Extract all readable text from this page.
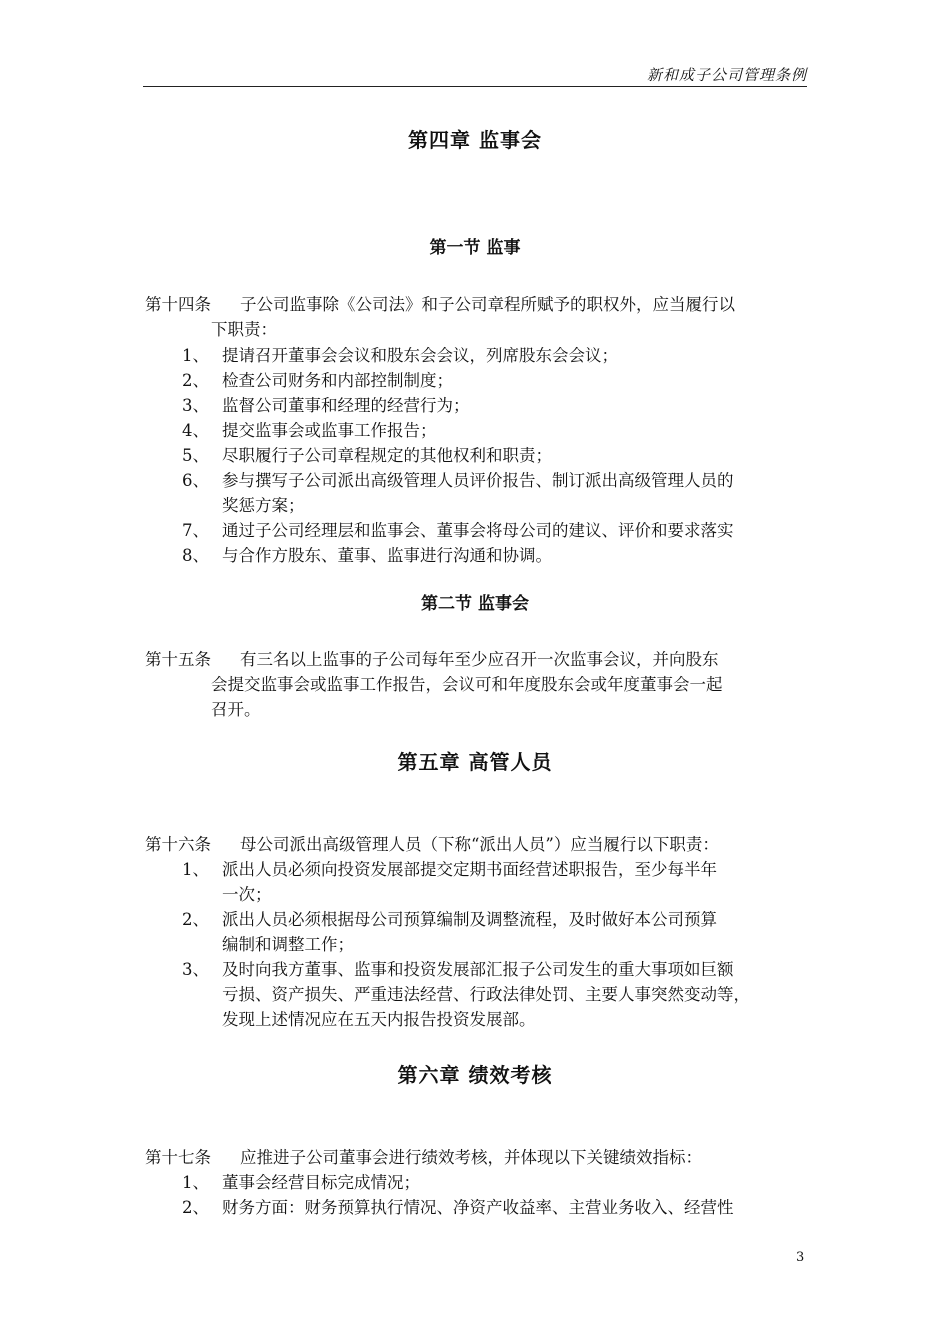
新和成子公司管理条例
第四章 监事会
第一节 监事
第十四条 子公司监事除《公司法》和子公司章程所赋予的职权外，应当履行以
下职责：
1、 提请召开董事会会议和股东会会议，列席股东会会议；
2、 检查公司财务和内部控制制度；
3、 监督公司董事和经理的经营行为；
4、 提交监事会或监事工作报告；
5、 尽职履行子公司章程规定的其他权利和职责；
6、 参与撰写子公司派出高级管理人员评价报告、制订派出高级管理人员的
奖惩方案；
7、 通过子公司经理层和监事会、董事会将母公司的建议、评价和要求落实
8、 与合作方股东、董事、监事进行沟通和协调。
第二节 监事会
第十五条 有三名以上监事的子公司每年至少应召开一次监事会议，并向股东
会提交监事会或监事工作报告，会议可和年度股东会或年度董事会一起
召开。
第五章 高管人员
第十六条 母公司派出高级管理人员（下称“派出人员”）应当履行以下职责：
1、 派出人员必须向投资发展部提交定期书面经营述职报告，至少每半年
一次；
2、 派出人员必须根据母公司预算编制及调整流程，及时做好本公司预算
编制和调整工作；
3、 及时向我方董事、监事和投资发展部汇报子公司发生的重大事项如巨额
亏损、资产损失、严重违法经营、行政法律处罚、主要人事突然变动等，
发现上述情况应在五天内报告投资发展部。
第六章 绩效考核
第十七条 应推进子公司董事会进行绩效考核，并体现以下关键绩效指标：
1、 董事会经营目标完成情况；
2、 财务方面：财务预算执行情况、净资产收益率、主营业务收入、经营性
3
